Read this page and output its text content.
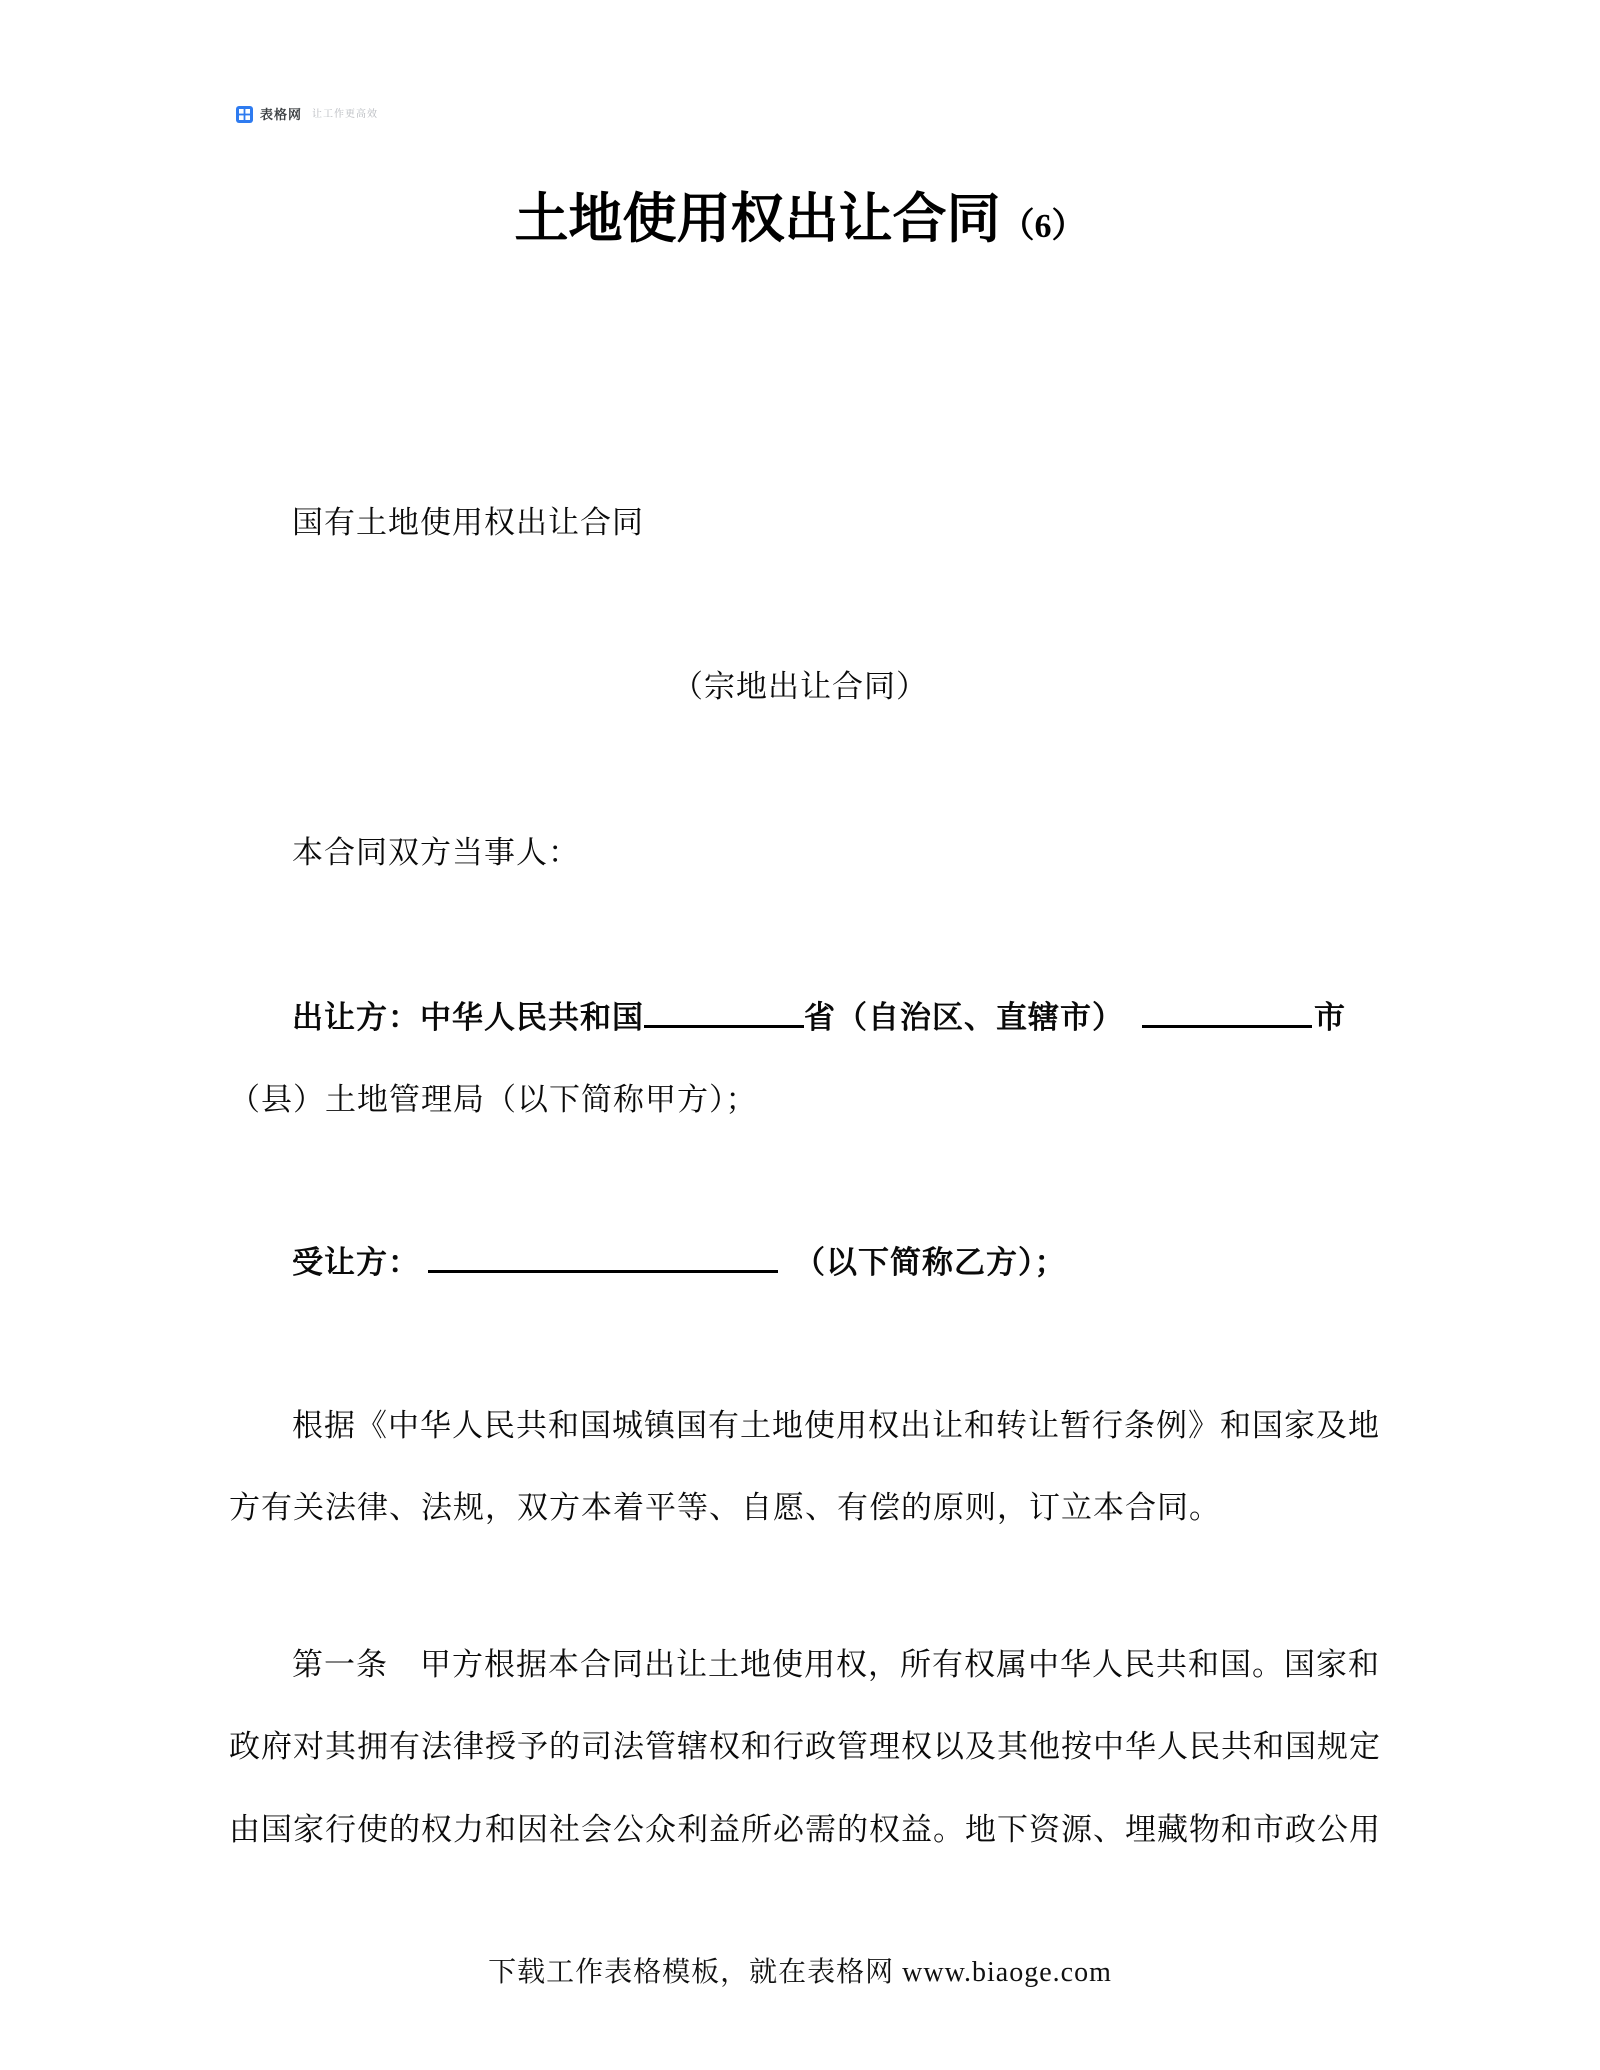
表格网 让工作更高效
土地使用权出让合同（6）
国有土地使用权出让合同
（宗地出让合同）
本合同双方当事人：
出让方：中华人民共和国	省（自治区、直辖市）	市
（县）土地管理局（以下简称甲方）；
受让方：	（以下简称乙方）；
根据《中华人民共和国城镇国有土地使用权出让和转让暂行条例》和国家及地
方有关法律、法规，双方本着平等、自愿、有偿的原则，订立本合同。
第一条　甲方根据本合同出让土地使用权，所有权属中华人民共和国。国家和
政府对其拥有法律授予的司法管辖权和行政管理权以及其他按中华人民共和国规定
由国家行使的权力和因社会公众利益所必需的权益。地下资源、埋藏物和市政公用
下载工作表格模板，就在表格网 www.biaoge.com
